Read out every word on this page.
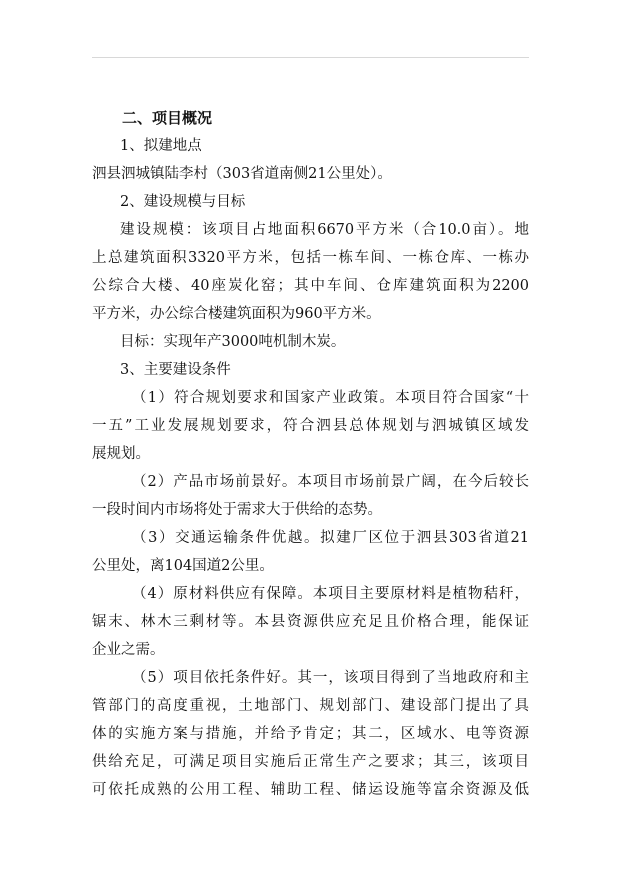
二、项目概况
1、拟建地点
泗县泗城镇陆李村（303省道南侧21公里处）。
2、建设规模与目标
建设规模：该项目占地面积6670平方米（合10.0亩）。地
上总建筑面积3320平方米，包括一栋车间、一栋仓库、一栋办
公综合大楼、40座炭化窑；其中车间、仓库建筑面积为2200
平方米，办公综合楼建筑面积为960平方米。
目标：实现年产3000吨机制木炭。
3、主要建设条件
（1）符合规划要求和国家产业政策。本项目符合国家“十
一五”工业发展规划要求，符合泗县总体规划与泗城镇区域发
展规划。
（2）产品市场前景好。本项目市场前景广阔，在今后较长
一段时间内市场将处于需求大于供给的态势。
（3）交通运输条件优越。拟建厂区位于泗县303省道21
公里处，离104国道2公里。
（4）原材料供应有保障。本项目主要原材料是植物秸秆，
锯末、林木三剩材等。本县资源供应充足且价格合理，能保证
企业之需。
（5）项目依托条件好。其一，该项目得到了当地政府和主
管部门的高度重视，土地部门、规划部门、建设部门提出了具
体的实施方案与措施，并给予肯定；其二，区域水、电等资源
供给充足，可满足项目实施后正常生产之要求；其三，该项目
可依托成熟的公用工程、辅助工程、储运设施等富余资源及低
